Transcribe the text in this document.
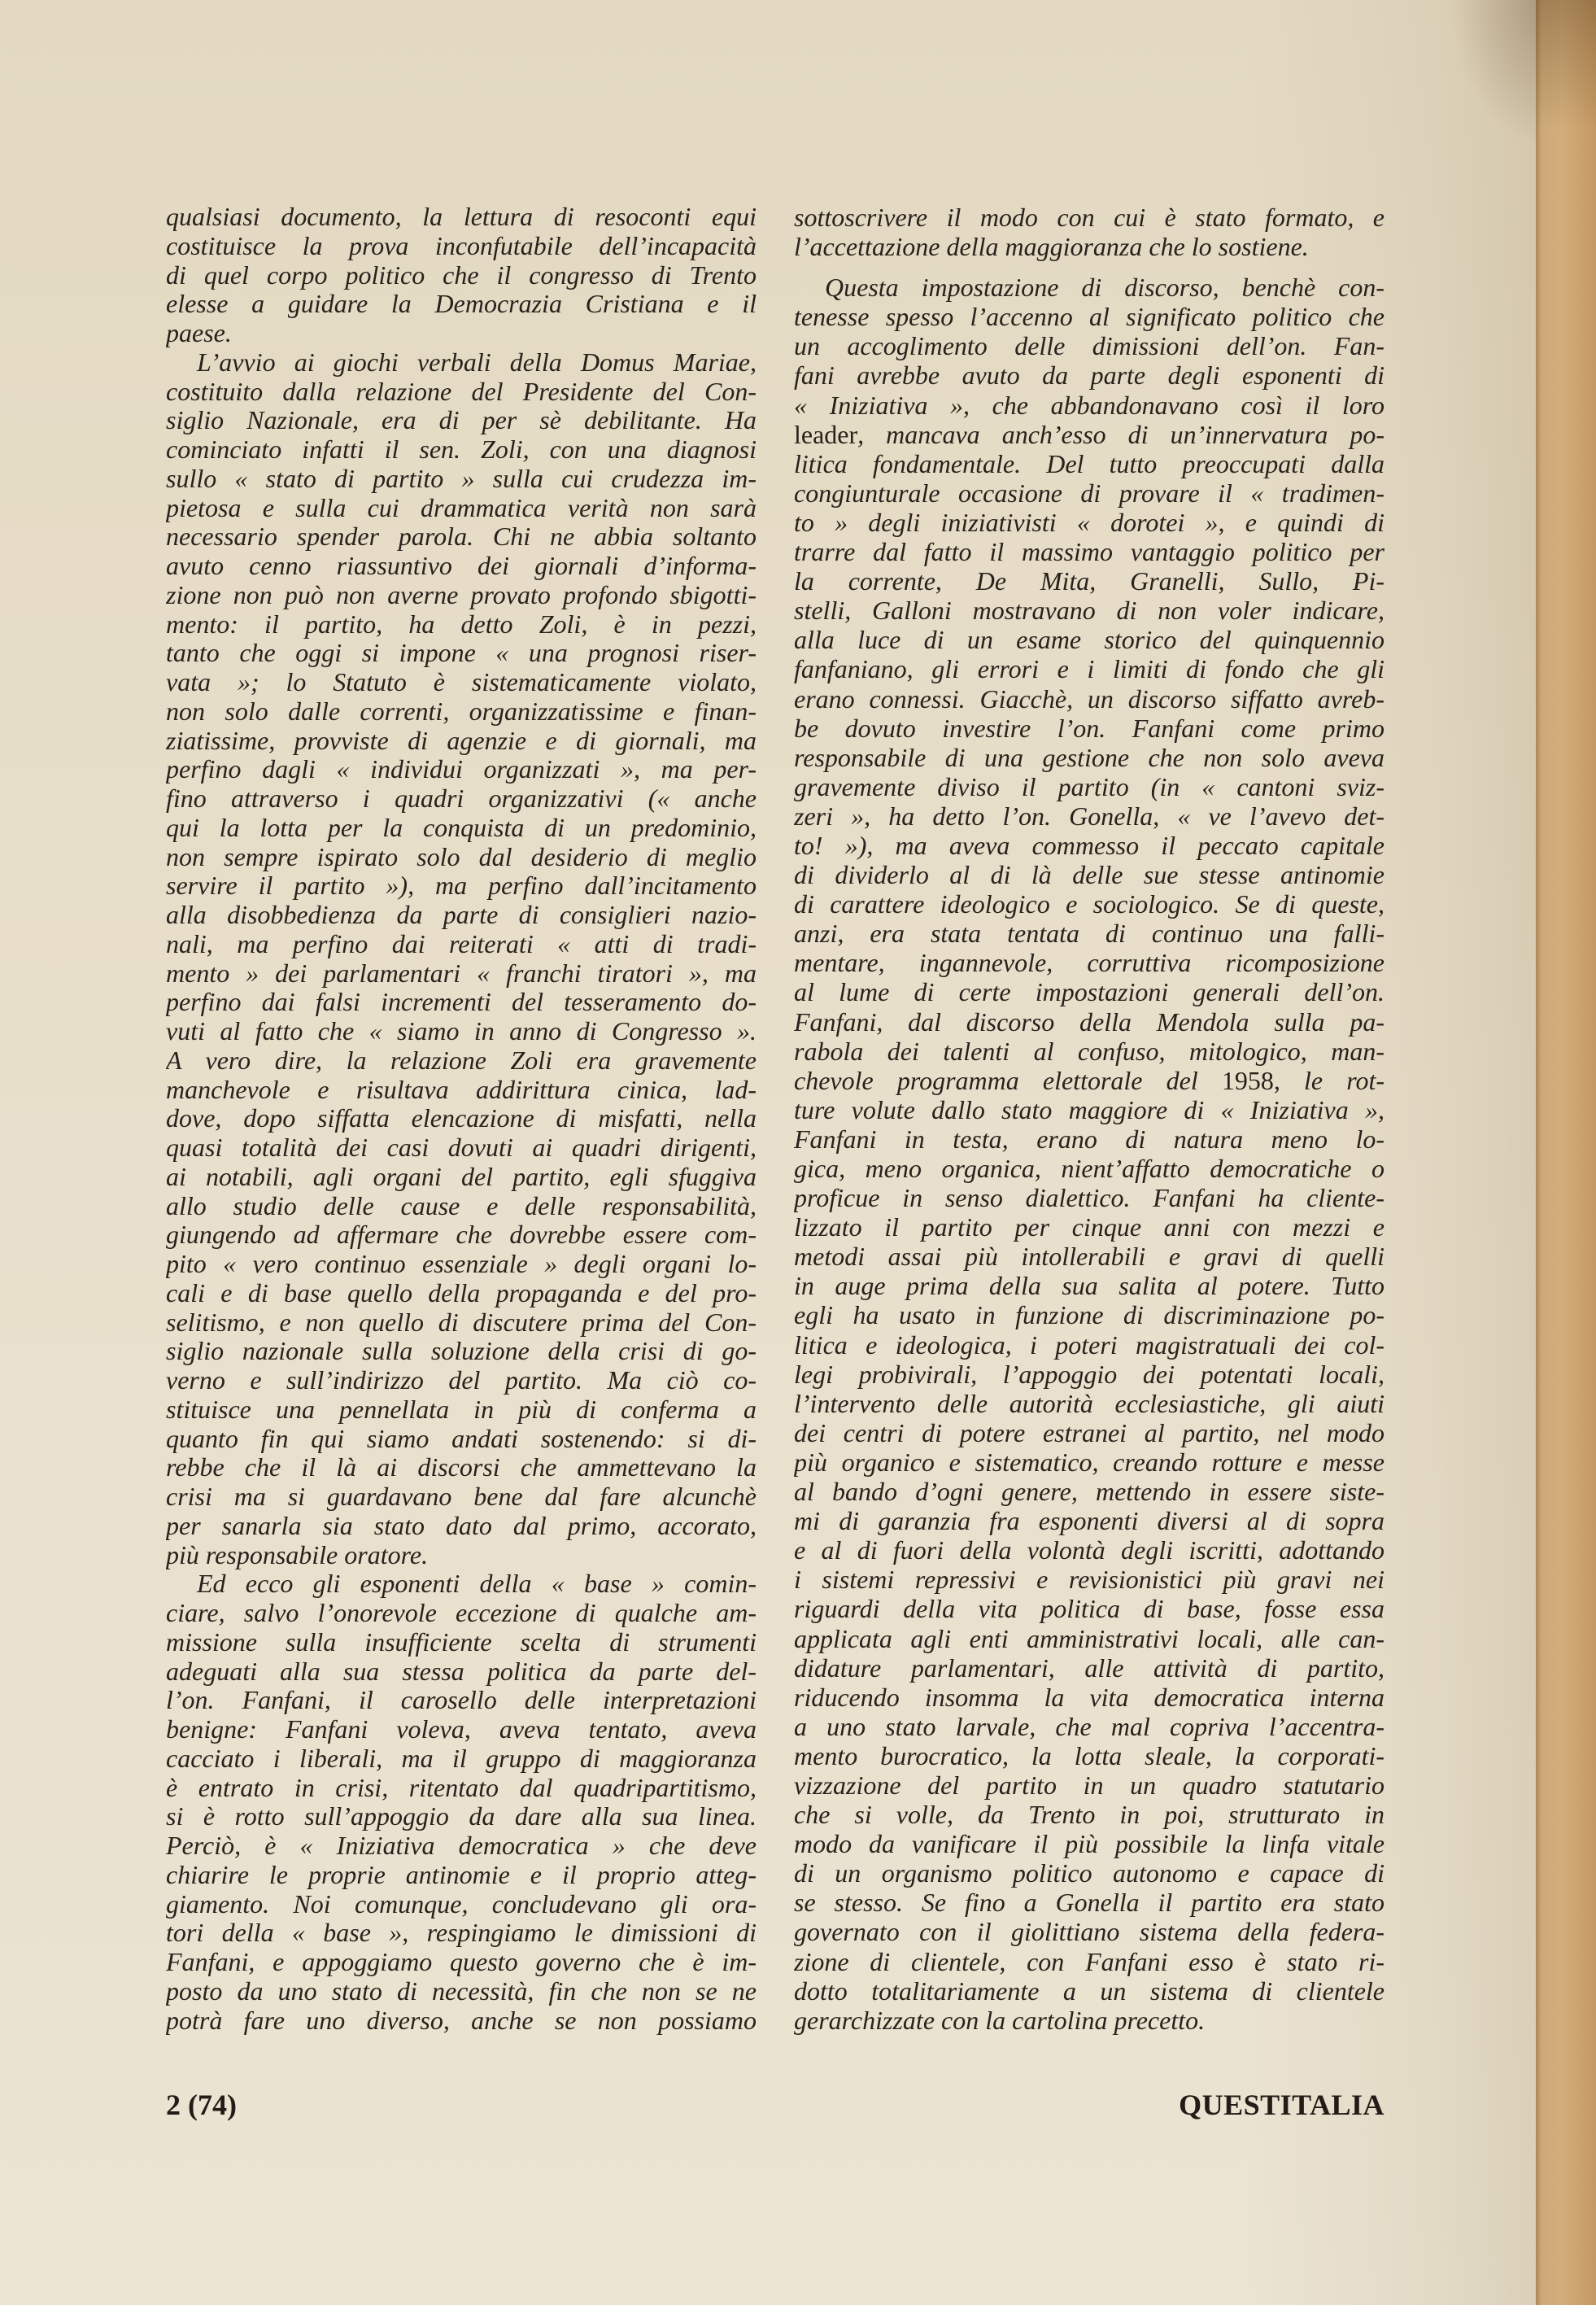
qualsiasi documento, la lettura di resoconti equi
costituisce la prova inconfutabile dell’incapacità
di quel corpo politico che il congresso di Trento
elesse a guidare la Democrazia Cristiana e il
paese.
L’avvio ai giochi verbali della Domus Mariae,
costituito dalla relazione del Presidente del Con-
siglio Nazionale, era di per sè debilitante. Ha
cominciato infatti il sen. Zoli, con una diagnosi
sullo « stato di partito » sulla cui crudezza im-
pietosa e sulla cui drammatica verità non sarà
necessario spender parola. Chi ne abbia soltanto
avuto cenno riassuntivo dei giornali d’informa-
zione non può non averne provato profondo sbigotti-
mento: il partito, ha detto Zoli, è in pezzi,
tanto che oggi si impone « una prognosi riser-
vata »; lo Statuto è sistematicamente violato,
non solo dalle correnti, organizzatissime e finan-
ziatissime, provviste di agenzie e di giornali, ma
perfino dagli « individui organizzati », ma per-
fino attraverso i quadri organizzativi (« anche
qui la lotta per la conquista di un predominio,
non sempre ispirato solo dal desiderio di meglio
servire il partito »), ma perfino dall’incitamento
alla disobbedienza da parte di consiglieri nazio-
nali, ma perfino dai reiterati « atti di tradi-
mento » dei parlamentari « franchi tiratori », ma
perfino dai falsi incrementi del tesseramento do-
vuti al fatto che « siamo in anno di Congresso ».
A vero dire, la relazione Zoli era gravemente
manchevole e risultava addirittura cinica, lad-
dove, dopo siffatta elencazione di misfatti, nella
quasi totalità dei casi dovuti ai quadri dirigenti,
ai notabili, agli organi del partito, egli sfuggiva
allo studio delle cause e delle responsabilità,
giungendo ad affermare che dovrebbe essere com-
pito « vero continuo essenziale » degli organi lo-
cali e di base quello della propaganda e del pro-
selitismo, e non quello di discutere prima del Con-
siglio nazionale sulla soluzione della crisi di go-
verno e sull’indirizzo del partito. Ma ciò co-
stituisce una pennellata in più di conferma a
quanto fin qui siamo andati sostenendo: si di-
rebbe che il là ai discorsi che ammettevano la
crisi ma si guardavano bene dal fare alcunchè
per sanarla sia stato dato dal primo, accorato,
più responsabile oratore.
Ed ecco gli esponenti della « base » comin-
ciare, salvo l’onorevole eccezione di qualche am-
missione sulla insufficiente scelta di strumenti
adeguati alla sua stessa politica da parte del-
l’on. Fanfani, il carosello delle interpretazioni
benigne: Fanfani voleva, aveva tentato, aveva
cacciato i liberali, ma il gruppo di maggioranza
è entrato in crisi, ritentato dal quadripartitismo,
si è rotto sull’appoggio da dare alla sua linea.
Perciò, è « Iniziativa democratica » che deve
chiarire le proprie antinomie e il proprio atteg-
giamento. Noi comunque, concludevano gli ora-
tori della « base », respingiamo le dimissioni di
Fanfani, e appoggiamo questo governo che è im-
posto da uno stato di necessità, fin che non se ne
potrà fare uno diverso, anche se non possiamo
sottoscrivere il modo con cui è stato formato, e
l’accettazione della maggioranza che lo sostiene.
Questa impostazione di discorso, benchè con-
tenesse spesso l’accenno al significato politico che
un accoglimento delle dimissioni dell’on. Fan-
fani avrebbe avuto da parte degli esponenti di
« Iniziativa », che abbandonavano così il loro
leader, mancava anch’esso di un’innervatura po-
litica fondamentale. Del tutto preoccupati dalla
congiunturale occasione di provare il « tradimen-
to » degli iniziativisti « dorotei », e quindi di
trarre dal fatto il massimo vantaggio politico per
la corrente, De Mita, Granelli, Sullo, Pi-
stelli, Galloni mostravano di non voler indicare,
alla luce di un esame storico del quinquennio
fanfaniano, gli errori e i limiti di fondo che gli
erano connessi. Giacchè, un discorso siffatto avreb-
be dovuto investire l’on. Fanfani come primo
responsabile di una gestione che non solo aveva
gravemente diviso il partito (in « cantoni sviz-
zeri », ha detto l’on. Gonella, « ve l’avevo det-
to! »), ma aveva commesso il peccato capitale
di dividerlo al di là delle sue stesse antinomie
di carattere ideologico e sociologico. Se di queste,
anzi, era stata tentata di continuo una falli-
mentare, ingannevole, corruttiva ricomposizione
al lume di certe impostazioni generali dell’on.
Fanfani, dal discorso della Mendola sulla pa-
rabola dei talenti al confuso, mitologico, man-
chevole programma elettorale del 1958, le rot-
ture volute dallo stato maggiore di « Iniziativa »,
Fanfani in testa, erano di natura meno lo-
gica, meno organica, nient’affatto democratiche o
proficue in senso dialettico. Fanfani ha cliente-
lizzato il partito per cinque anni con mezzi e
metodi assai più intollerabili e gravi di quelli
in auge prima della sua salita al potere. Tutto
egli ha usato in funzione di discriminazione po-
litica e ideologica, i poteri magistratuali dei col-
legi probivirali, l’appoggio dei potentati locali,
l’intervento delle autorità ecclesiastiche, gli aiuti
dei centri di potere estranei al partito, nel modo
più organico e sistematico, creando rotture e messe
al bando d’ogni genere, mettendo in essere siste-
mi di garanzia fra esponenti diversi al di sopra
e al di fuori della volontà degli iscritti, adottando
i sistemi repressivi e revisionistici più gravi nei
riguardi della vita politica di base, fosse essa
applicata agli enti amministrativi locali, alle can-
didature parlamentari, alle attività di partito,
riducendo insomma la vita democratica interna
a uno stato larvale, che mal copriva l’accentra-
mento burocratico, la lotta sleale, la corporati-
vizzazione del partito in un quadro statutario
che si volle, da Trento in poi, strutturato in
modo da vanificare il più possibile la linfa vitale
di un organismo politico autonomo e capace di
se stesso. Se fino a Gonella il partito era stato
governato con il giolittiano sistema della federa-
zione di clientele, con Fanfani esso è stato ri-
dotto totalitariamente a un sistema di clientele
gerarchizzate con la cartolina precetto.
2 (74)	QUESTITALIA
